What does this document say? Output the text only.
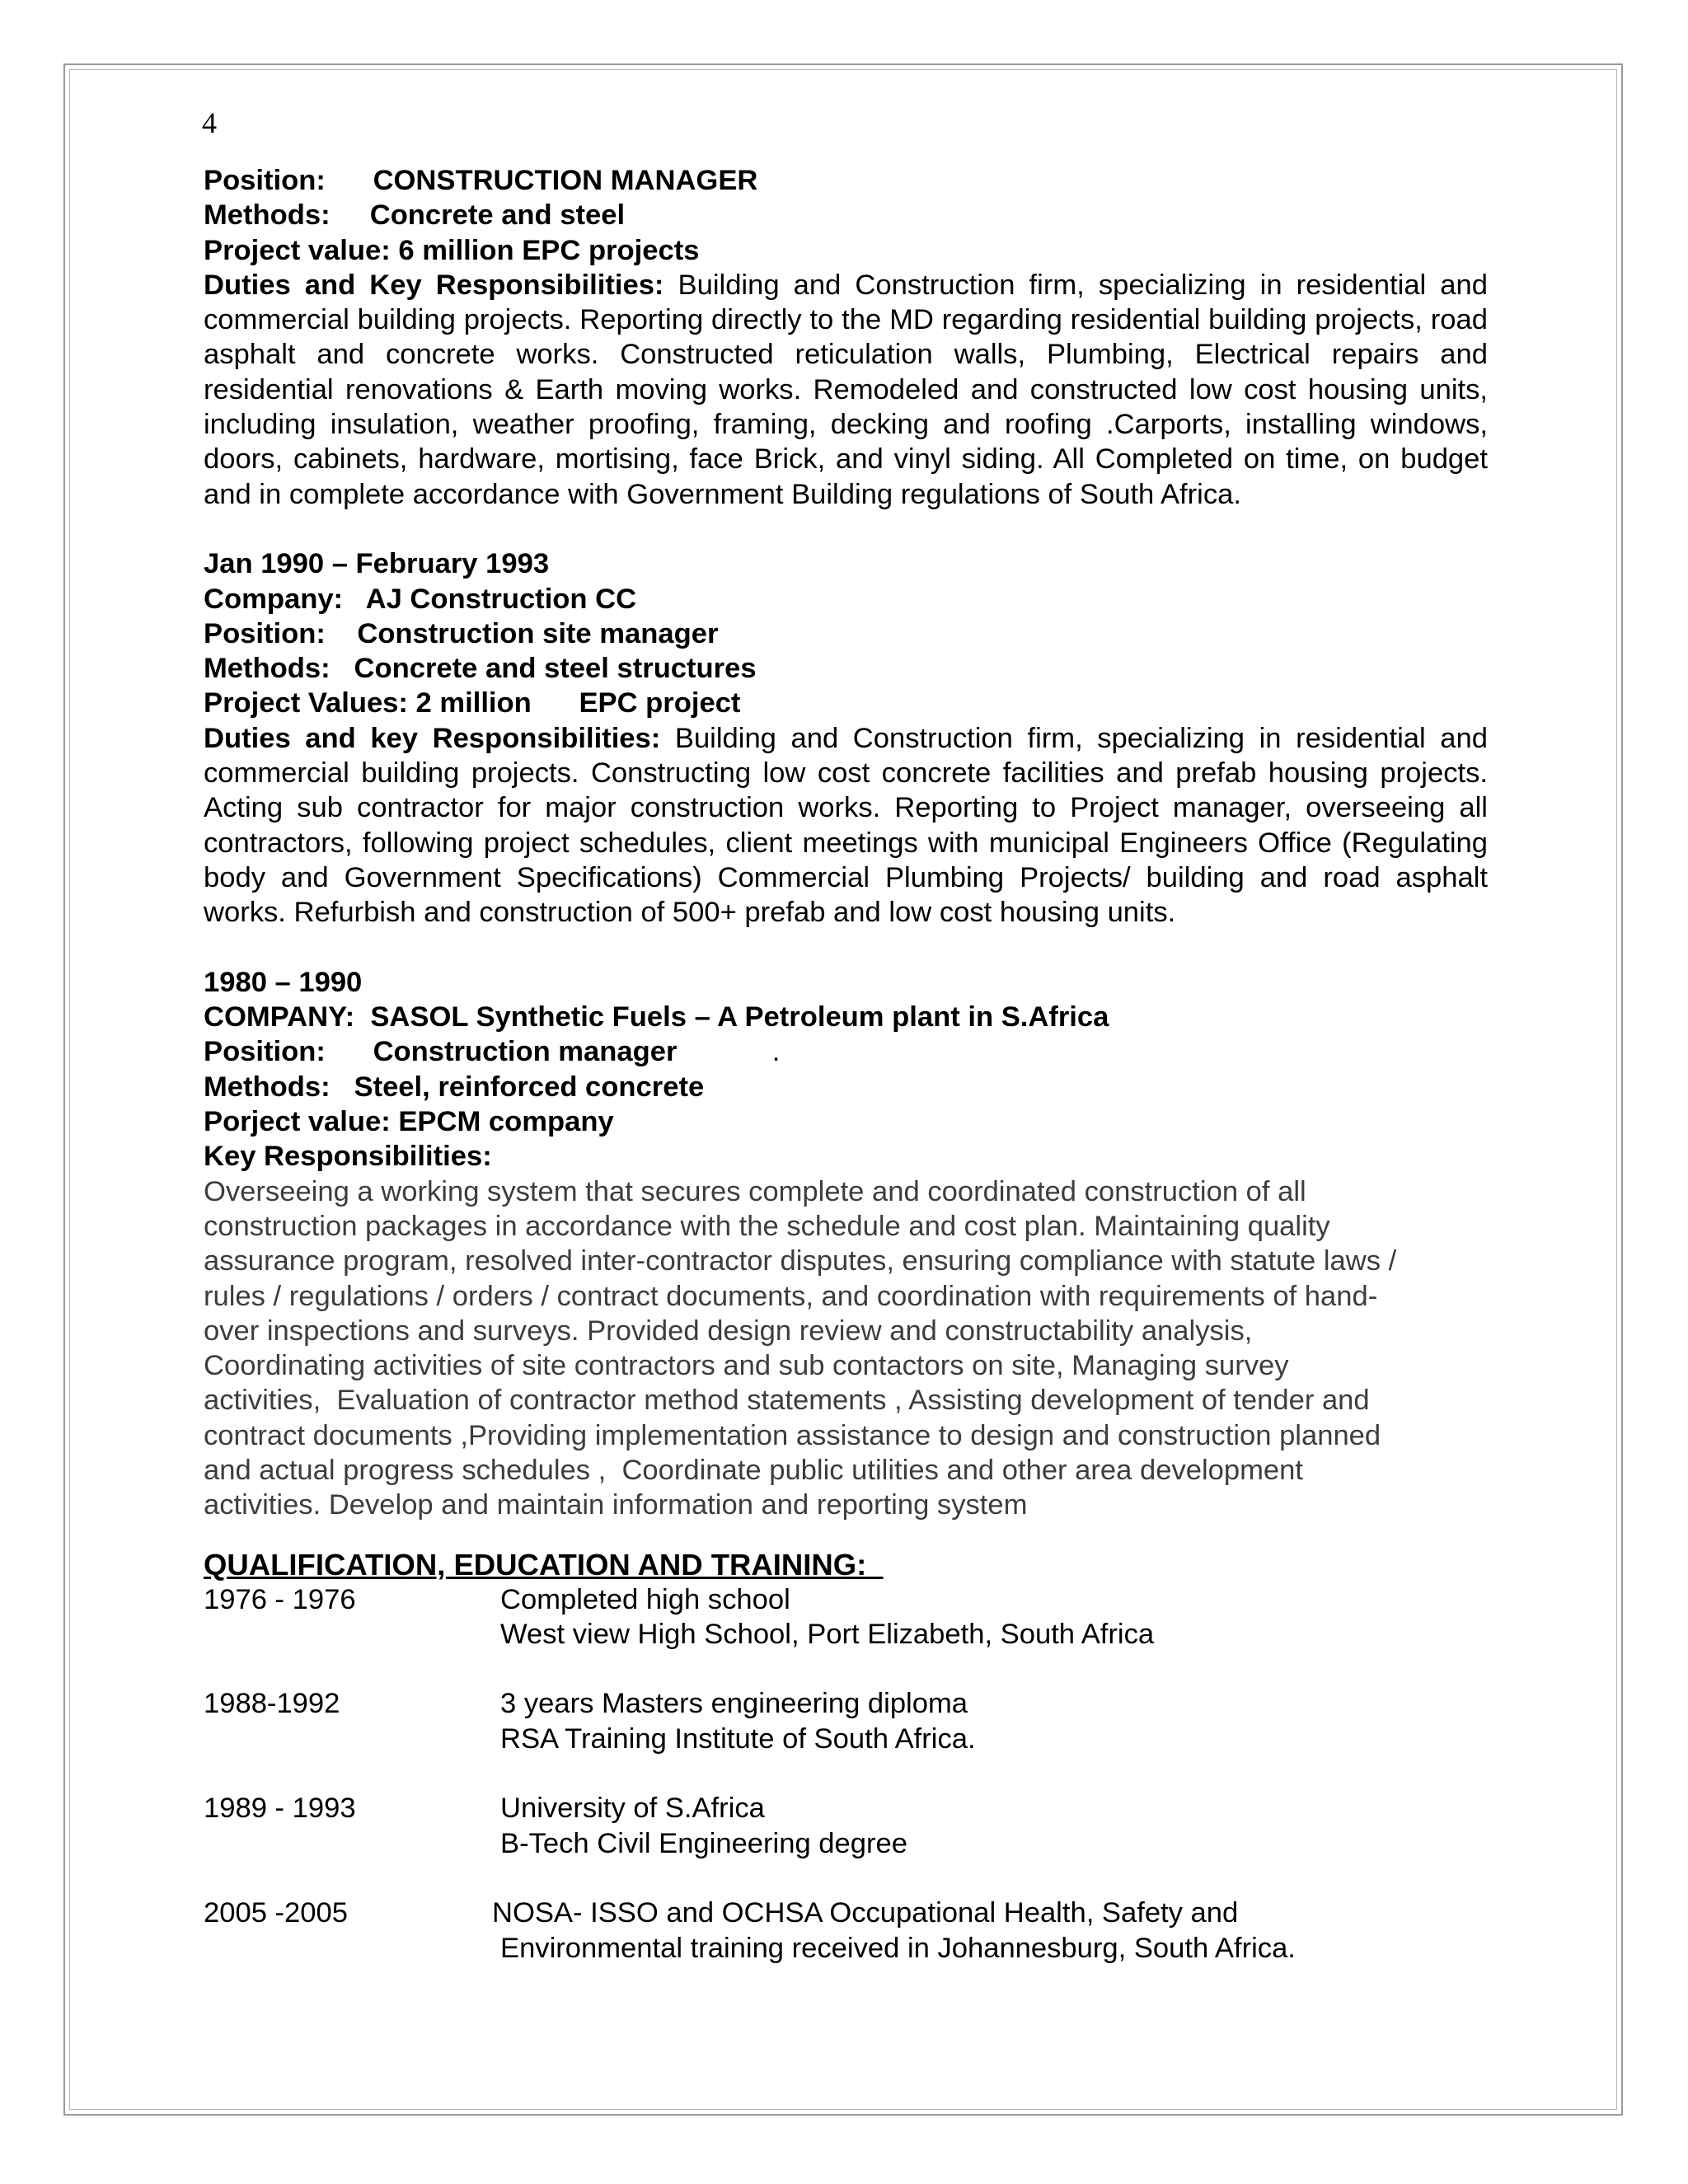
4
Position: CONSTRUCTION MANAGER
Methods: Concrete and steel
Project value: 6 million EPC projects
Duties and Key Responsibilities: Building and Construction firm, specializing in residential and commercial building projects. Reporting directly to the MD regarding residential building projects, road asphalt and concrete works. Constructed reticulation walls, Plumbing, Electrical repairs and residential renovations & Earth moving works. Remodeled and constructed low cost housing units, including insulation, weather proofing, framing, decking and roofing .Carports, installing windows, doors, cabinets, hardware, mortising, face Brick, and vinyl siding. All Completed on time, on budget and in complete accordance with Government Building regulations of South Africa.
Jan 1990 – February 1993
Company: AJ Construction CC
Position: Construction site manager
Methods: Concrete and steel structures
Project Values: 2 million EPC project
Duties and key Responsibilities: Building and Construction firm, specializing in residential and commercial building projects. Constructing low cost concrete facilities and prefab housing projects. Acting sub contractor for major construction works. Reporting to Project manager, overseeing all contractors, following project schedules, client meetings with municipal Engineers Office (Regulating body and Government Specifications) Commercial Plumbing Projects/ building and road asphalt works. Refurbish and construction of 500+ prefab and low cost housing units.
1980 – 1990
COMPANY: SASOL Synthetic Fuels – A Petroleum plant in S.Africa
Position: Construction manager	.
Methods: Steel, reinforced concrete
Porject value: EPCM company
Key Responsibilities:
Overseeing a working system that secures complete and coordinated construction of all
construction packages in accordance with the schedule and cost plan. Maintaining quality
assurance program, resolved inter-contractor disputes, ensuring compliance with statute laws /
rules / regulations / orders / contract documents, and coordination with requirements of hand-
over inspections and surveys. Provided design review and constructability analysis,
Coordinating activities of site contractors and sub contactors on site, Managing survey
activities,  Evaluation of contractor method statements , Assisting development of tender and
contract documents ,Providing implementation assistance to design and construction planned
and actual progress schedules ,  Coordinate public utilities and other area development
activities. Develop and maintain information and reporting system
QUALIFICATION, EDUCATION AND TRAINING:
1976 - 1976	Completed high school
West view High School, Port Elizabeth, South Africa
1988-1992	3 years Masters engineering diploma
RSA Training Institute of South Africa.
1989 - 1993	University of S.Africa
B-Tech Civil Engineering degree
2005 -2005	NOSA- ISSO and OCHSA Occupational Health, Safety and
Environmental training received in Johannesburg, South Africa.
